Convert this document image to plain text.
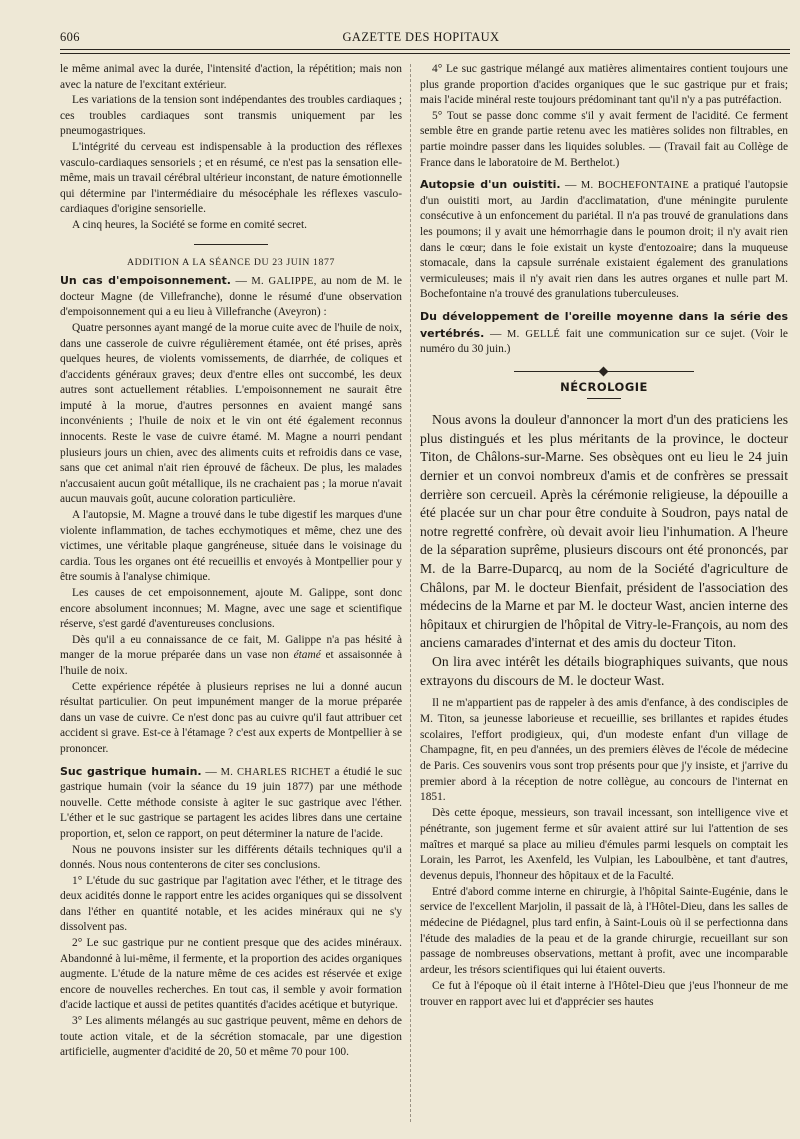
606	GAZETTE DES HOPITAUX

le même animal avec la durée, l'intensité d'action, la répétition; mais non avec la nature de l'excitant extérieur.

Les variations de la tension sont indépendantes des troubles cardiaques ; ces troubles cardiaques sont transmis uniquement par les pneumogastriques.

L'intégrité du cerveau est indispensable à la production des réflexes vasculo-cardiaques sensoriels ; et en résumé, ce n'est pas la sensation elle-même, mais un travail cérébral ultérieur inconstant, de nature émotionnelle qui détermine par l'intermédiaire du mésocéphale les réflexes vasculo-cardiaques d'origine sensorielle.

A cinq heures, la Société se forme en comité secret.

ADDITION A LA SÉANCE DU 23 JUIN 1877

Un cas d'empoisonnement. — M. GALIPPE, au nom de M. le docteur Magne (de Villefranche), donne le résumé d'une observation d'empoisonnement qui a eu lieu à Villefranche (Aveyron) :

Quatre personnes ayant mangé de la morue cuite avec de l'huile de noix, dans une casserole de cuivre régulièrement étamée, ont été prises, après quelques heures, de violents vomissements, de diarrhée, de coliques et d'accidents généraux graves; deux d'entre elles ont succombé, les deux autres sont actuellement rétablies. L'empoisonnement ne saurait être imputé à la morue, d'autres personnes en avaient mangé sans inconvénients ; l'huile de noix et le vin ont été également reconnus innocents. Reste le vase de cuivre étamé. M. Magne a nourri pendant plusieurs jours un chien, avec des aliments cuits et refroidis dans ce vase, sans que cet animal n'ait rien éprouvé de fâcheux. De plus, les malades n'accusaient aucun goût métallique, ils ne crachaient pas ; la morue n'avait aucun mauvais goût, aucune coloration particulière.

A l'autopsie, M. Magne a trouvé dans le tube digestif les marques d'une violente inflammation, de taches ecchymotiques et même, chez une des victimes, une véritable plaque gangréneuse, située dans le voisinage du cardia. Tous les organes ont été recueillis et envoyés à Montpellier pour y être soumis à l'analyse chimique.

Les causes de cet empoisonnement, ajoute M. Galippe, sont donc encore absolument inconnues; M. Magne, avec une sage et scientifique réserve, s'est gardé d'aventureuses conclusions.

Dès qu'il a eu connaissance de ce fait, M. Galippe n'a pas hésité à manger de la morue préparée dans un vase non étamé et assaisonnée à l'huile de noix.

Cette expérience répétée à plusieurs reprises ne lui a donné aucun résultat particulier. On peut impunément manger de la morue préparée dans un vase de cuivre. Ce n'est donc pas au cuivre qu'il faut attribuer cet accident si grave. Est-ce à l'étamage ? c'est aux experts de Montpellier à se prononcer.

Suc gastrique humain. — M. CHARLES RICHET a étudié le suc gastrique humain (voir la séance du 19 juin 1877) par une méthode nouvelle. Cette méthode consiste à agiter le suc gastrique avec l'éther. L'éther et le suc gastrique se partagent les acides libres dans une certaine proportion, et, selon ce rapport, on peut déterminer la nature de l'acide.

Nous ne pouvons insister sur les différents détails techniques qu'il a donnés. Nous nous contenterons de citer ses conclusions.

1° L'étude du suc gastrique par l'agitation avec l'éther, et le titrage des deux acidités donne le rapport entre les acides organiques qui se dissolvent dans l'éther en quantité notable, et les acides minéraux qui ne s'y dissolvent pas.

2° Le suc gastrique pur ne contient presque que des acides minéraux. Abandonné à lui-même, il fermente, et la proportion des acides organiques augmente. L'étude de la nature même de ces acides est réservée et exige encore de nouvelles recherches. En tout cas, il semble y avoir formation d'acide lactique et aussi de petites quantités d'acides acétique et butyrique.

3° Les aliments mélangés au suc gastrique peuvent, même en dehors de toute action vitale, et de la sécrétion stomacale, par une digestion artificielle, augmenter d'acidité de 20, 50 et même 70 pour 100.

4° Le suc gastrique mélangé aux matières alimentaires contient toujours une plus grande proportion d'acides organiques que le suc gastrique pur et frais; mais l'acide minéral reste toujours prédominant tant qu'il n'y a pas putréfaction.

5° Tout se passe donc comme s'il y avait ferment de l'acidité. Ce ferment semble être en grande partie retenu avec les matières solides non filtrables, en partie moindre passer dans les liquides solubles. — (Travail fait au Collège de France dans le laboratoire de M. Berthelot.)

Autopsie d'un ouistiti. — M. BOCHEFONTAINE a pratiqué l'autopsie d'un ouistiti mort, au Jardin d'acclimatation, d'une méningite purulente consécutive à un enfoncement du pariétal. Il n'a pas trouvé de granulations dans les poumons; il y avait une hémorrhagie dans le poumon droit; il n'y avait rien dans le cœur; dans le foie existait un kyste d'entozoaire; dans la muqueuse stomacale, dans la capsule surrénale existaient également des granulations vermiculeuses; mais il n'y avait rien dans les autres organes et nulle part M. Bochefontaine n'a trouvé des granulations tuberculeuses.

Du développement de l'oreille moyenne dans la série des vertébrés. — M. GELLÉ fait une communication sur ce sujet. (Voir le numéro du 30 juin.)

NÉCROLOGIE

Nous avons la douleur d'annoncer la mort d'un des praticiens les plus distingués et les plus méritants de la province, le docteur Titon, de Châlons-sur-Marne. Ses obsèques ont eu lieu le 24 juin dernier et un convoi nombreux d'amis et de confrères se pressait derrière son cercueil. Après la cérémonie religieuse, la dépouille a été placée sur un char pour être conduite à Soudron, pays natal de notre regretté confrère, où devait avoir lieu l'inhumation. A l'heure de la séparation suprême, plusieurs discours ont été prononcés, par M. de la Barre-Duparcq, au nom de la Société d'agriculture de Châlons, par M. le docteur Bienfait, président de l'association des médecins de la Marne et par M. le docteur Wast, ancien interne des hôpitaux et chirurgien de l'hôpital de Vitry-le-François, au nom des anciens camarades d'internat et des amis du docteur Titon.

On lira avec intérêt les détails biographiques suivants, que nous extrayons du discours de M. le docteur Wast.

Il ne m'appartient pas de rappeler à des amis d'enfance, à des condisciples de M. Titon, sa jeunesse laborieuse et recueillie, ses brillantes et rapides études scolaires, l'effort prodigieux, qui, d'un modeste enfant d'un village de Champagne, fit, en peu d'années, un des premiers élèves de l'école de médecine de Paris. Ces souvenirs vous sont trop présents pour que j'y insiste, et j'arrive du premier abord à la réception de notre collègue, au concours de l'internat en 1851.

Dès cette époque, messieurs, son travail incessant, son intelligence vive et pénétrante, son jugement ferme et sûr avaient attiré sur lui l'attention de ses maîtres et marqué sa place au milieu d'émules parmi lesquels on comptait les Lorain, les Parrot, les Axenfeld, les Vulpian, les Laboulbène, et tant d'autres, devenus depuis, l'honneur des hôpitaux et de la Faculté.

Entré d'abord comme interne en chirurgie, à l'hôpital Sainte-Eugénie, dans le service de l'excellent Marjolin, il passait de là, à l'Hôtel-Dieu, dans les salles de médecine de Piédagnel, plus tard enfin, à Saint-Louis où il se perfectionna dans l'étude des maladies de la peau et de la grande chirurgie, recueillant sur son passage de nombreuses observations, mettant à profit, avec une incomparable ardeur, les trésors scientifiques qui lui étaient ouverts.

Ce fut à l'époque où il était interne à l'Hôtel-Dieu que j'eus l'honneur de me trouver en rapport avec lui et d'apprécier ses hautes
